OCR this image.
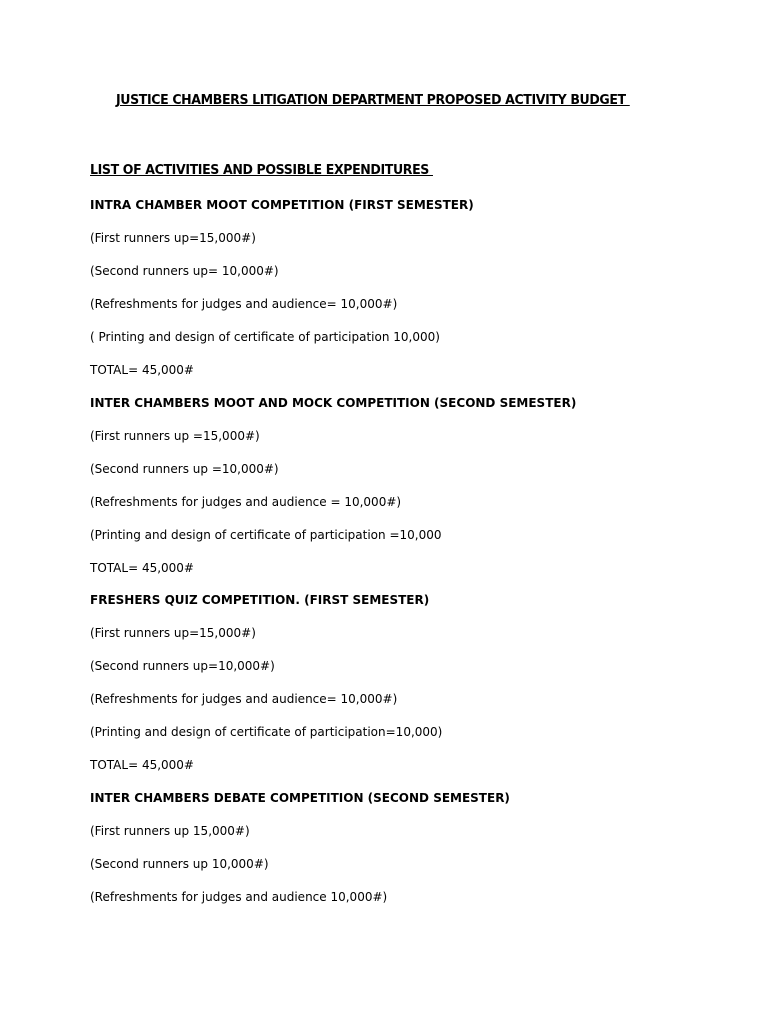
JUSTICE CHAMBERS LITIGATION DEPARTMENT PROPOSED ACTIVITY BUDGET
LIST OF ACTIVITIES AND POSSIBLE EXPENDITURES
INTRA CHAMBER MOOT COMPETITION (FIRST SEMESTER)
(First runners up=15,000#)
(Second runners up= 10,000#)
(Refreshments for judges and audience= 10,000#)
( Printing and design of certificate of participation 10,000)
TOTAL= 45,000#
INTER CHAMBERS MOOT AND MOCK COMPETITION (SECOND SEMESTER)
(First runners up =15,000#)
(Second runners up =10,000#)
(Refreshments for judges and audience = 10,000#)
(Printing and design of certificate of participation =10,000
TOTAL= 45,000#
FRESHERS QUIZ COMPETITION. (FIRST SEMESTER)
(First runners up=15,000#)
(Second runners up=10,000#)
(Refreshments for judges and audience= 10,000#)
(Printing and design of certificate of participation=10,000)
TOTAL= 45,000#
INTER CHAMBERS DEBATE COMPETITION (SECOND SEMESTER)
(First runners up 15,000#)
(Second runners up 10,000#)
(Refreshments for judges and audience 10,000#)
